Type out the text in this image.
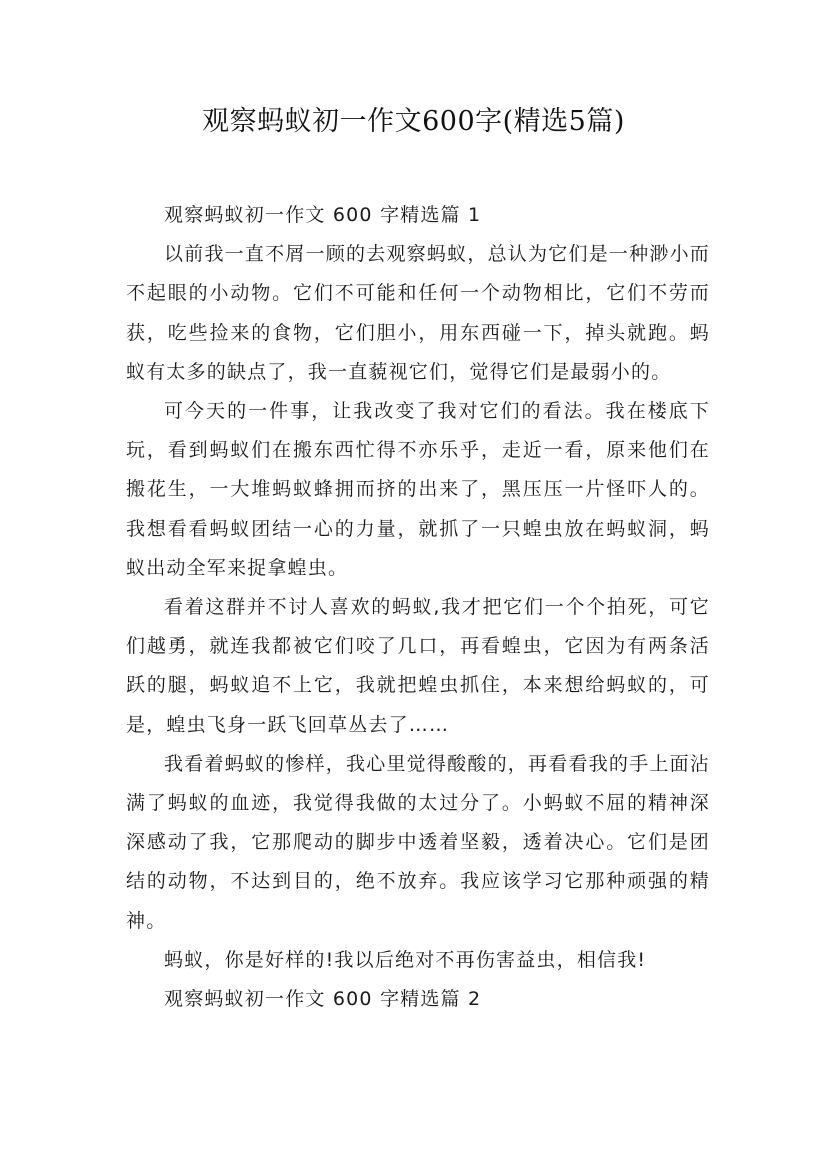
观察蚂蚁初一作文600字(精选5篇)

观察蚂蚁初一作文 600 字精选篇 1

以前我一直不屑一顾的去观察蚂蚁，总认为它们是一种渺小而不起眼的小动物。它们不可能和任何一个动物相比，它们不劳而获，吃些捡来的食物，它们胆小，用东西碰一下，掉头就跑。蚂蚁有太多的缺点了，我一直藐视它们，觉得它们是最弱小的。

可今天的一件事，让我改变了我对它们的看法。我在楼底下玩，看到蚂蚁们在搬东西忙得不亦乐乎，走近一看，原来他们在搬花生，一大堆蚂蚁蜂拥而挤的出来了，黑压压一片怪吓人的。我想看看蚂蚁团结一心的力量，就抓了一只蝗虫放在蚂蚁洞，蚂蚁出动全军来捉拿蝗虫。

看着这群并不讨人喜欢的蚂蚁,我才把它们一个个拍死，可它们越勇，就连我都被它们咬了几口，再看蝗虫，它因为有两条活跃的腿，蚂蚁追不上它，我就把蝗虫抓住，本来想给蚂蚁的，可是，蝗虫飞身一跃飞回草丛去了……

我看着蚂蚁的惨样，我心里觉得酸酸的，再看看我的手上面沾满了蚂蚁的血迹，我觉得我做的太过分了。小蚂蚁不屈的精神深深感动了我，它那爬动的脚步中透着坚毅，透着决心。它们是团结的动物，不达到目的，绝不放弃。我应该学习它那种顽强的精神。

蚂蚁，你是好样的!我以后绝对不再伤害益虫，相信我!

观察蚂蚁初一作文 600 字精选篇 2
